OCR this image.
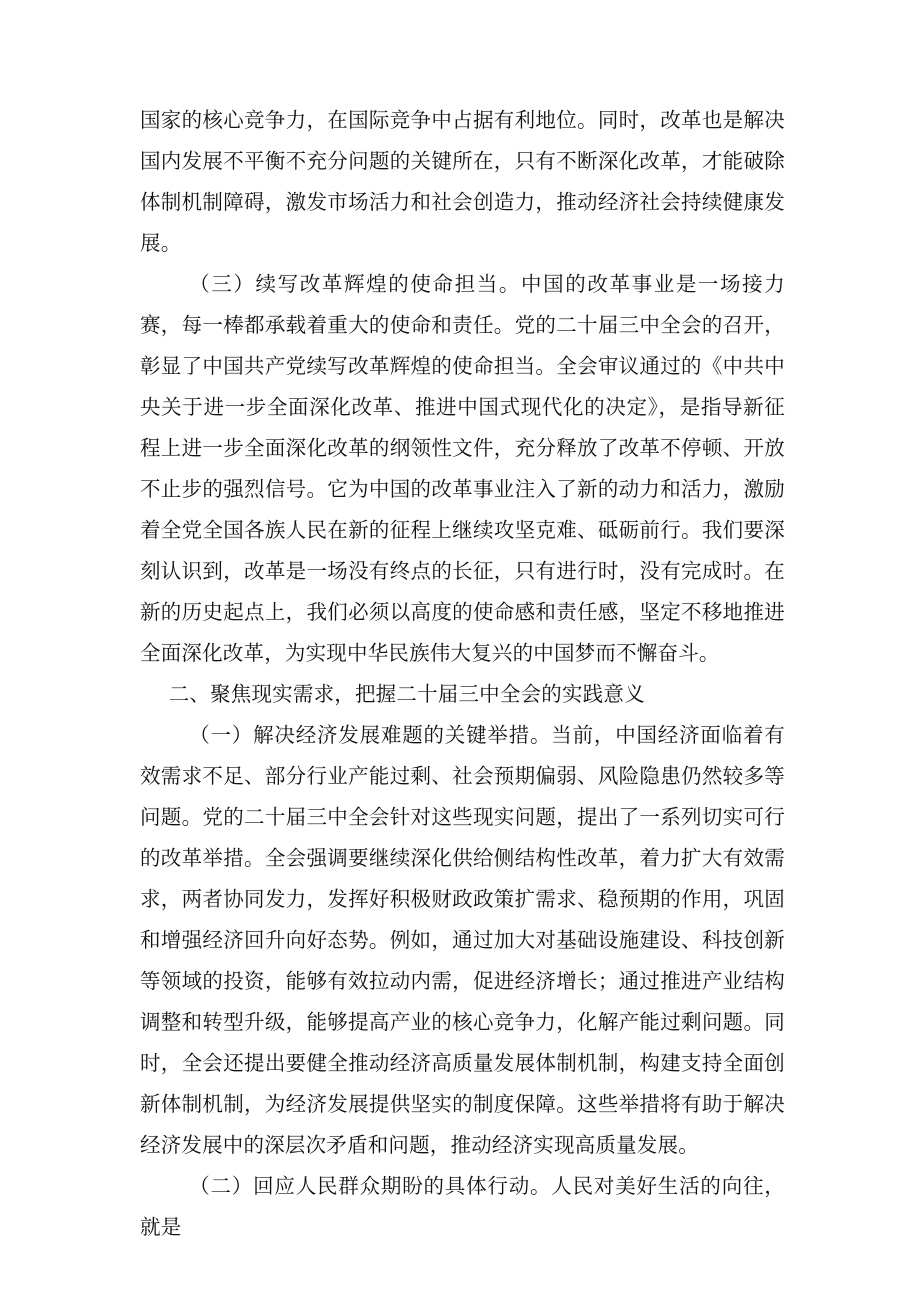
国家的核心竞争力，在国际竞争中占据有利地位。同时，改革也是解决国内发展不平衡不充分问题的关键所在，只有不断深化改革，才能破除体制机制障碍，激发市场活力和社会创造力，推动经济社会持续健康发展。

（三）续写改革辉煌的使命担当。中国的改革事业是一场接力赛，每一棒都承载着重大的使命和责任。党的二十届三中全会的召开，彰显了中国共产党续写改革辉煌的使命担当。全会审议通过的《中共中央关于进一步全面深化改革、推进中国式现代化的决定》，是指导新征程上进一步全面深化改革的纲领性文件，充分释放了改革不停顿、开放不止步的强烈信号。它为中国的改革事业注入了新的动力和活力，激励着全党全国各族人民在新的征程上继续攻坚克难、砥砺前行。我们要深刻认识到，改革是一场没有终点的长征，只有进行时，没有完成时。在新的历史起点上，我们必须以高度的使命感和责任感，坚定不移地推进全面深化改革，为实现中华民族伟大复兴的中国梦而不懈奋斗。

二、聚焦现实需求，把握二十届三中全会的实践意义

（一）解决经济发展难题的关键举措。当前，中国经济面临着有效需求不足、部分行业产能过剩、社会预期偏弱、风险隐患仍然较多等问题。党的二十届三中全会针对这些现实问题，提出了一系列切实可行的改革举措。全会强调要继续深化供给侧结构性改革，着力扩大有效需求，两者协同发力，发挥好积极财政政策扩需求、稳预期的作用，巩固和增强经济回升向好态势。例如，通过加大对基础设施建设、科技创新等领域的投资，能够有效拉动内需，促进经济增长；通过推进产业结构调整和转型升级，能够提高产业的核心竞争力，化解产能过剩问题。同时，全会还提出要健全推动经济高质量发展体制机制，构建支持全面创新体制机制，为经济发展提供坚实的制度保障。这些举措将有助于解决经济发展中的深层次矛盾和问题，推动经济实现高质量发展。

（二）回应人民群众期盼的具体行动。人民对美好生活的向往，就是
